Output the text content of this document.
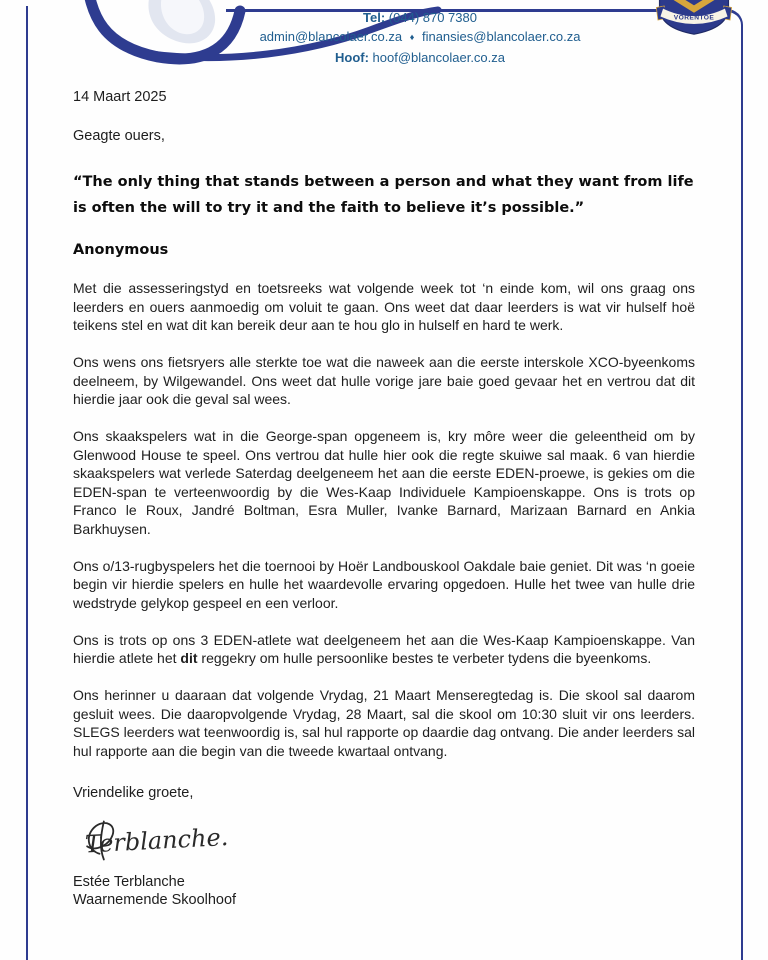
VORENTOE
Tel: (044) 870 7380
admin@blancolaer.co.za ♦ finansies@blancolaer.co.za
Hoof: hoof@blancolaer.co.za
14 Maart 2025
Geagte ouers,
“The only thing that stands between a person and what they want from life is often the will to try it and the faith to believe it’s possible.”
Anonymous

Met die assesseringstyd en toetsreeks wat volgende week tot ‘n einde kom, wil ons graag ons leerders en ouers aanmoedig om voluit te gaan. Ons weet dat daar leerders is wat vir hulself hoë teikens stel en wat dit kan bereik deur aan te hou glo in hulself en hard te werk.

Ons wens ons fietsryers alle sterkte toe wat die naweek aan die eerste interskole XCO-byeenkoms deelneem, by Wilgewandel. Ons weet dat hulle vorige jare baie goed gevaar het en vertrou dat dit hierdie jaar ook die geval sal wees.

Ons skaakspelers wat in die George-span opgeneem is, kry môre weer die geleentheid om by Glenwood House te speel. Ons vertrou dat hulle hier ook die regte skuiwe sal maak. 6 van hierdie skaakspelers wat verlede Saterdag deelgeneem het aan die eerste EDEN-proewe, is gekies om die EDEN-span te verteenwoordig by die Wes-Kaap Individuele Kampioenskappe. Ons is trots op Franco le Roux, Jandré Boltman, Esra Muller, Ivanke Barnard, Marizaan Barnard en Ankia Barkhuysen.

Ons o/13-rugbyspelers het die toernooi by Hoër Landbouskool Oakdale baie geniet. Dit was ‘n goeie begin vir hierdie spelers en hulle het waardevolle ervaring opgedoen. Hulle het twee van hulle drie wedstryde gelykop gespeel en een verloor.

Ons is trots op ons 3 EDEN-atlete wat deelgeneem het aan die Wes-Kaap Kampioenskappe. Van hierdie atlete het dit reggekry om hulle persoonlike bestes te verbeter tydens die byeenkoms.

Ons herinner u daaraan dat volgende Vrydag, 21 Maart Menseregtedag is. Die skool sal daarom gesluit wees. Die daaropvolgende Vrydag, 28 Maart, sal die skool om 10:30 sluit vir ons leerders. SLEGS leerders wat teenwoordig is, sal hul rapporte op daardie dag ontvang. Die ander leerders sal hul rapporte aan die begin van die tweede kwartaal ontvang.

Vriendelike groete,
Terblanche.
Estée Terblanche
Waarnemende Skoolhoof
